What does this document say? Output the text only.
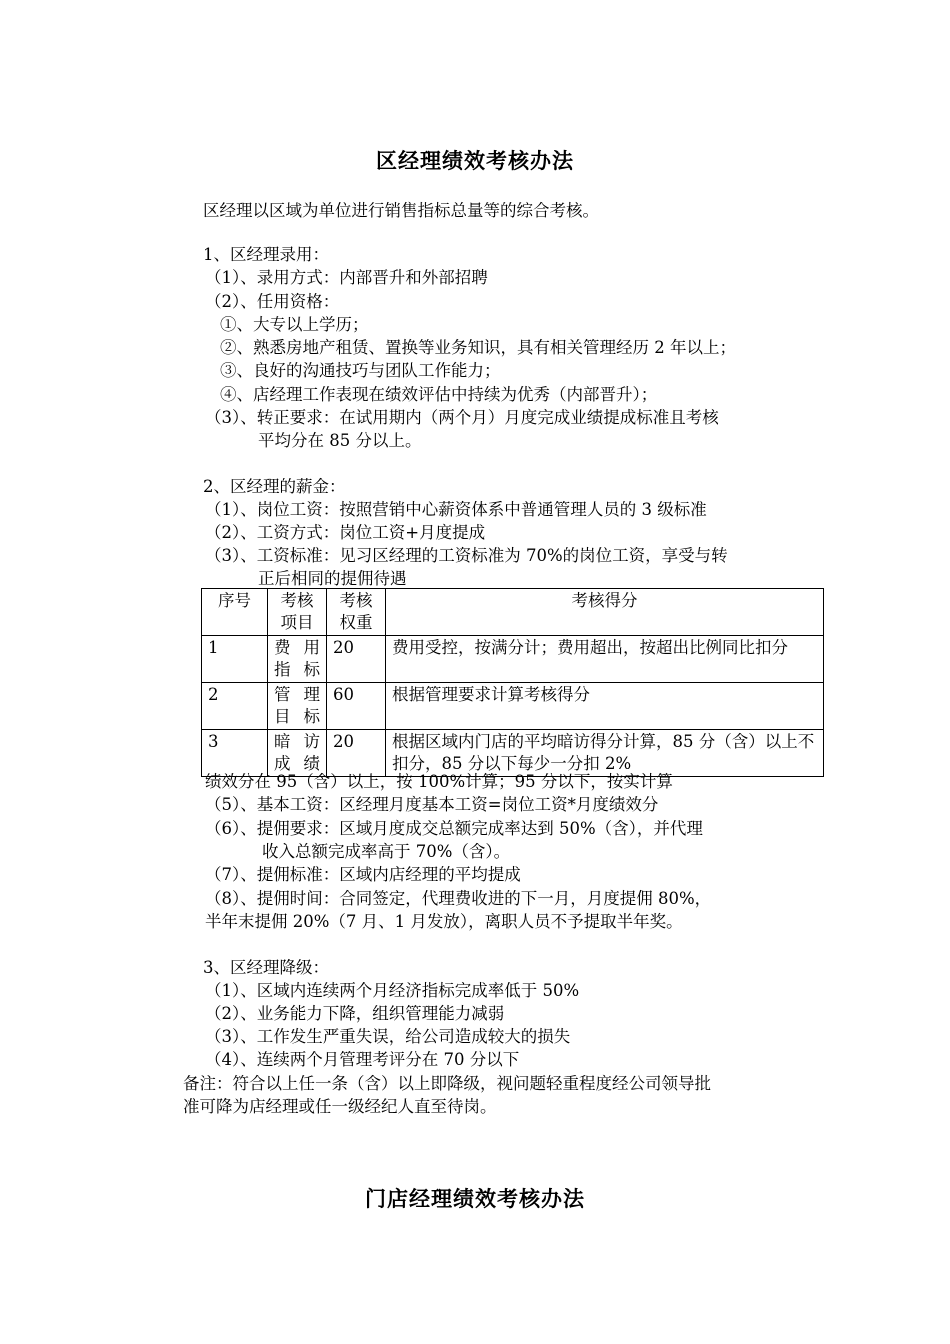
区经理绩效考核办法
区经理以区域为单位进行销售指标总量等的综合考核。
1、区经理录用：
（1）、录用方式：内部晋升和外部招聘
（2）、任用资格：
①、大专以上学历；
②、熟悉房地产租赁、置换等业务知识，具有相关管理经历 2 年以上；
③、良好的沟通技巧与团队工作能力；
④、店经理工作表现在绩效评估中持续为优秀（内部晋升）；
（3）、转正要求：在试用期内（两个月）月度完成业绩提成标准且考核
平均分在 85 分以上。
2、区经理的薪金：
（1）、岗位工资：按照营销中心薪资体系中普通管理人员的 3 级标准
（2）、工资方式：岗位工资+月度提成
（3）、工资标准：见习区经理的工资标准为 70%的岗位工资，享受与转
正后相同的提佣待遇
序号	考核项目	考核权重	考核得分
1	费用指标	20	费用受控，按满分计；费用超出，按超出比例同比扣分
2	管理目标	60	根据管理要求计算考核得分
3	暗访成绩	20	根据区域内门店的平均暗访得分计算，85 分（含）以上不扣分，85 分以下每少一分扣 2%
绩效分在 95（含）以上，按 100%计算；95 分以下，按实计算
（5）、基本工资：区经理月度基本工资=岗位工资*月度绩效分
（6）、提佣要求：区域月度成交总额完成率达到 50%（含），并代理
收入总额完成率高于 70%（含）。
（7）、提佣标准：区域内店经理的平均提成
（8）、提佣时间：合同签定，代理费收进的下一月，月度提佣 80%，
半年末提佣 20%（7 月、1 月发放），离职人员不予提取半年奖。
3、区经理降级：
（1）、区域内连续两个月经济指标完成率低于 50%
（2）、业务能力下降，组织管理能力减弱
（3）、工作发生严重失误，给公司造成较大的损失
（4）、连续两个月管理考评分在 70 分以下
备注：符合以上任一条（含）以上即降级，视问题轻重程度经公司领导批
准可降为店经理或任一级经纪人直至待岗。
门店经理绩效考核办法
